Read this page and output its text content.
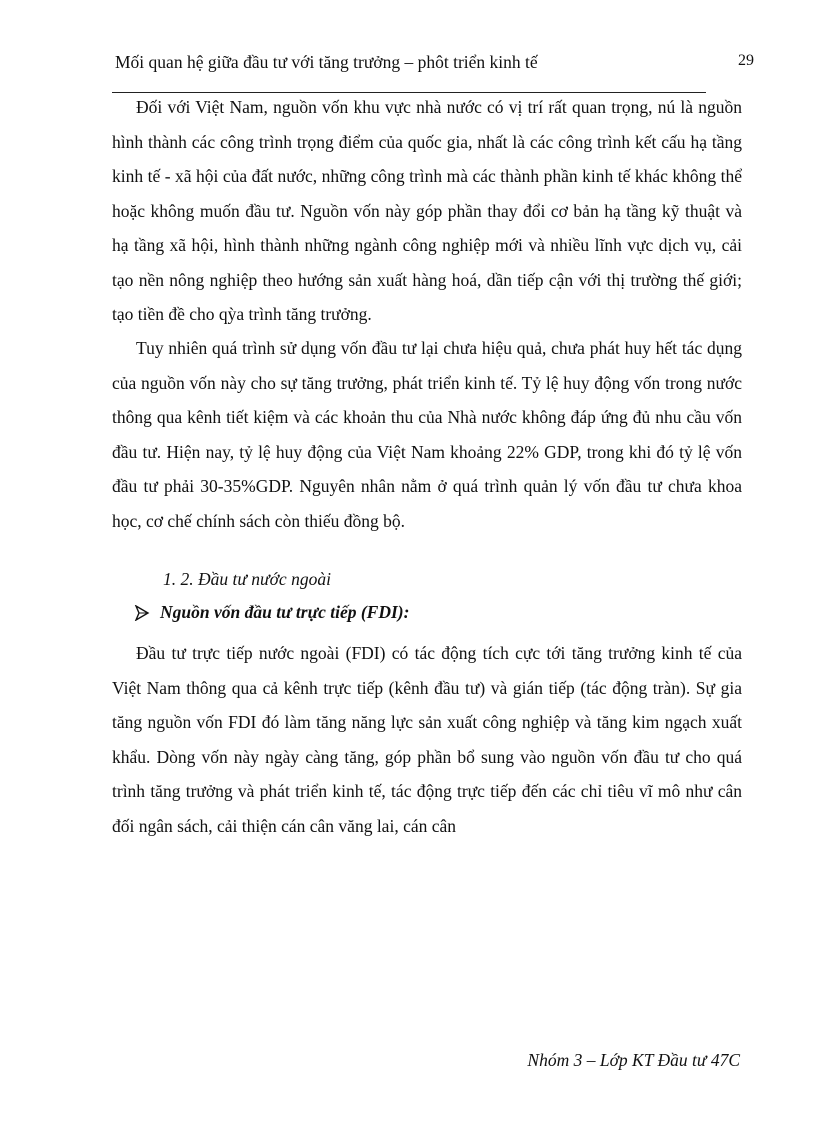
Mối quan hệ giữa đầu tư với tăng trưởng – phôt triển kinh tế	29

Đối với Việt Nam, nguồn vốn khu vực nhà nước có vị trí rất quan trọng, nú là nguồn hình thành các công trình trọng điểm của quốc gia, nhất là các công trình kết cấu hạ tầng kinh tế - xã hội của đất nước, những công trình mà các thành phần kinh tế khác không thể hoặc không muốn đầu tư. Nguồn vốn này góp phần thay đổi cơ bản hạ tầng kỹ thuật và hạ tầng xã hội, hình thành những ngành công nghiệp mới và nhiều lĩnh vực dịch vụ, cải tạo nền nông nghiệp theo hướng sản xuất hàng hoá, dần tiếp cận với thị trường thế giới; tạo tiền đề cho qỳa trình tăng trưởng.

Tuy nhiên quá trình sử dụng vốn đầu tư lại chưa hiệu quả, chưa phát huy hết tác dụng của nguồn vốn này cho sự tăng trưởng, phát triển kinh tế. Tỷ lệ huy động vốn trong nước thông qua kênh tiết kiệm và các khoản thu của Nhà nước không đáp ứng đủ nhu cầu vốn đầu tư. Hiện nay, tỷ lệ huy động của Việt Nam khoảng 22% GDP, trong khi đó tỷ lệ vốn đầu tư phải 30-35%GDP. Nguyên nhân nằm ở quá trình quản lý vốn đầu tư chưa khoa học, cơ chế chính sách còn thiếu đồng bộ.

1. 2. Đầu tư nước ngoài
Nguồn vốn đầu tư trực tiếp (FDI):

Đầu tư trực tiếp nước ngoài (FDI) có tác động tích cực tới tăng trưởng kinh tế của Việt Nam thông qua cả kênh trực tiếp (kênh đầu tư) và gián tiếp (tác động tràn). Sự gia tăng nguồn vốn FDI đó làm tăng năng lực sản xuất công nghiệp và tăng kim ngạch xuất khẩu. Dòng vốn này ngày càng tăng, góp phần bổ sung vào nguồn vốn đầu tư cho quá trình tăng trưởng và phát triển kinh tế, tác động trực tiếp đến các chỉ tiêu vĩ mô như cân đối ngân sách, cải thiện cán cân văng lai, cán cân

Nhóm 3 – Lớp KT Đầu tư 47C
